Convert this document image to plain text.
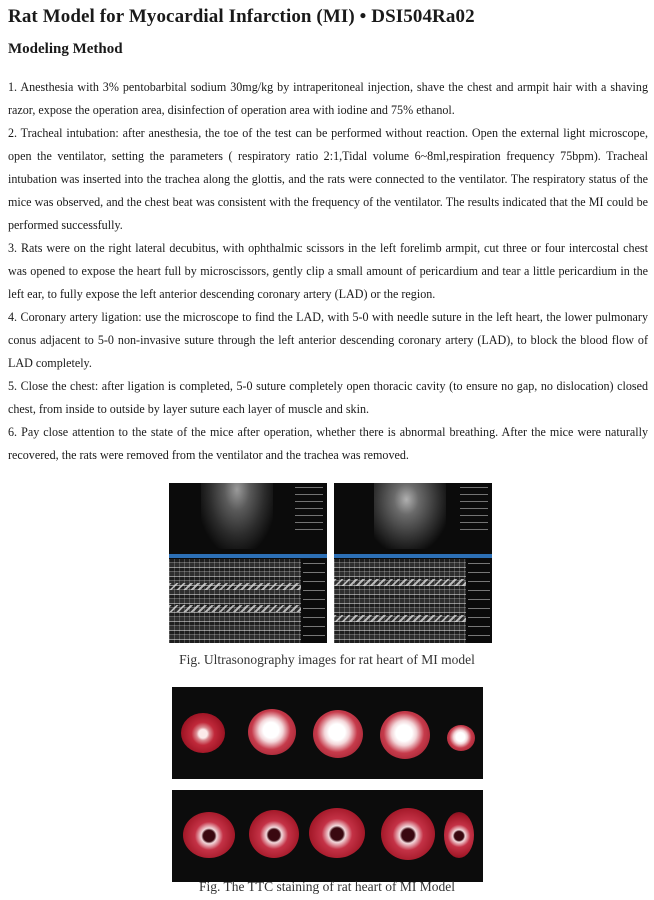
Rat Model for Myocardial Infarction (MI) • DSI504Ra02
Modeling Method

1. Anesthesia with 3% pentobarbital sodium 30mg/kg by intraperitoneal injection, shave the chest and armpit hair with a shaving razor, expose the operation area, disinfection of operation area with iodine and 75% ethanol.

2. Tracheal intubation: after anesthesia, the toe of the test can be performed without reaction. Open the external light microscope, open the ventilator, setting the parameters ( respiratory ratio 2:1,Tidal volume 6~8ml,respiration frequency 75bpm). Tracheal intubation was inserted into the trachea along the glottis, and the rats were connected to the ventilator. The respiratory status of the mice was observed, and the chest beat was consistent with the frequency of the ventilator. The results indicated that the MI could be performed successfully.

3. Rats were on the right lateral decubitus, with ophthalmic scissors in the left forelimb armpit, cut three or four intercostal chest was opened to expose the heart full by microscissors, gently clip a small amount of pericardium and tear a little pericardium in the left ear, to fully expose the left anterior descending coronary artery (LAD) or the region.

4. Coronary artery ligation: use the microscope to find the LAD, with 5-0 with needle suture in the left heart, the lower pulmonary conus adjacent to 5-0 non-invasive suture through the left anterior descending coronary artery (LAD), to block the blood flow of LAD completely.

5. Close the chest: after ligation is completed, 5-0 suture completely open thoracic cavity (to ensure no gap, no dislocation) closed chest, from inside to outside by layer suture each layer of muscle and skin.

6. Pay close attention to the state of the mice after operation, whether there is abnormal breathing. After the mice were naturally recovered, the rats were removed from the ventilator and the trachea was removed.

Fig. Ultrasonography images for rat heart of MI model
Fig. The TTC staining of rat heart of MI Model
